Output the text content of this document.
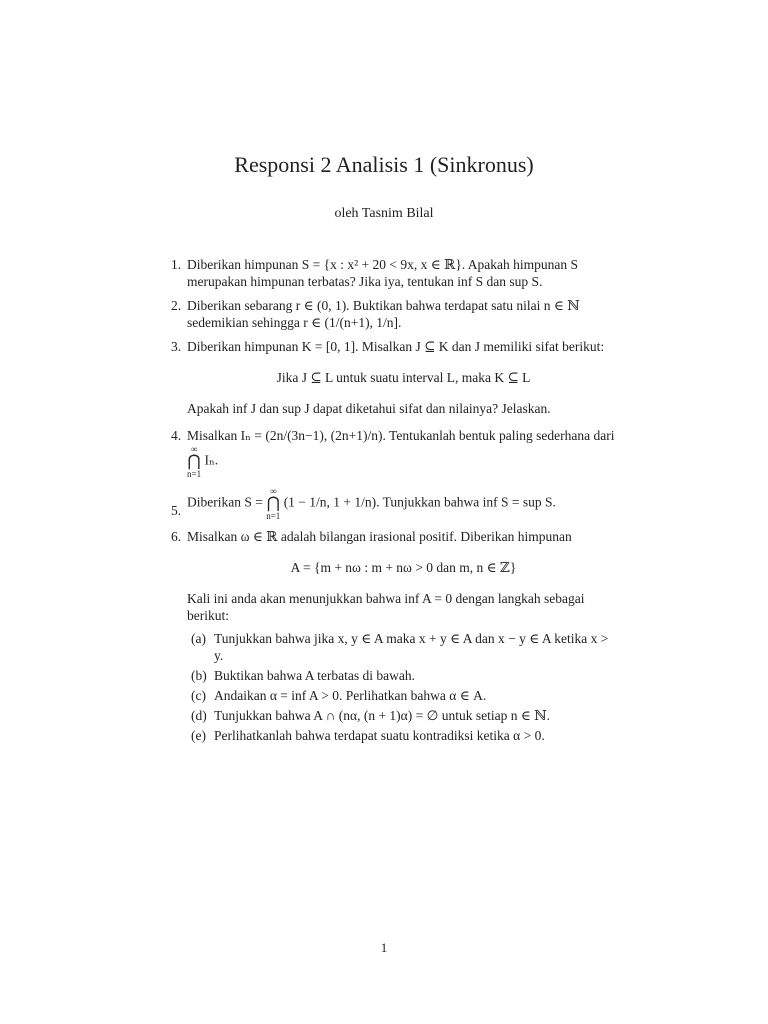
Responsi 2 Analisis 1 (Sinkronus)
oleh Tasnim Bilal
1. Diberikan himpunan S = {x : x² + 20 < 9x, x ∈ ℝ}. Apakah himpunan S merupakan himpunan terbatas? Jika iya, tentukan inf S dan sup S.
2. Diberikan sebarang r ∈ (0, 1). Buktikan bahwa terdapat satu nilai n ∈ ℕ sedemikian sehingga r ∈ (1/(n+1), 1/n].
3. Diberikan himpunan K = [0, 1]. Misalkan J ⊆ K dan J memiliki sifat berikut:
Jika J ⊆ L untuk suatu interval L, maka K ⊆ L
Apakah inf J dan sup J dapat diketahui sifat dan nilainya? Jelaskan.
4. Misalkan Iₙ = (2n/(3n−1), (2n+1)/n). Tentukanlah bentuk paling sederhana dari ∞
⋂
n=1 Iₙ.
5.
Diberikan S = ∞
⋂
n=1 (1 − 1/n, 1 + 1/n). Tunjukkan bahwa inf S = sup S.
6. Misalkan ω ∈ ℝ adalah bilangan irasional positif. Diberikan himpunan
A = {m + nω : m + nω > 0 dan m, n ∈ ℤ}
Kali ini anda akan menunjukkan bahwa inf A = 0 dengan langkah sebagai berikut:
(a) Tunjukkan bahwa jika x, y ∈ A maka x + y ∈ A dan x − y ∈ A ketika x > y.
(b) Buktikan bahwa A terbatas di bawah.
(c) Andaikan α = inf A > 0. Perlihatkan bahwa α ∈ A.
(d) Tunjukkan bahwa A ∩ (nα, (n + 1)α) = ∅ untuk setiap n ∈ ℕ.
(e) Perlihatkanlah bahwa terdapat suatu kontradiksi ketika α > 0.
1
